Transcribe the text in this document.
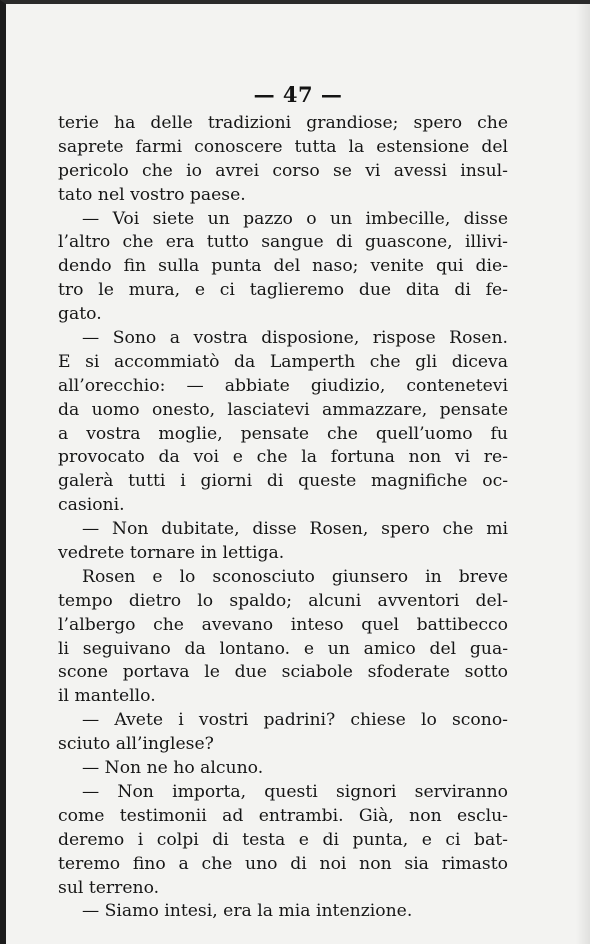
— 47 —
terie ha delle tradizioni grandiose; spero che
saprete farmi conoscere tutta la estensione del
pericolo che io avrei corso se vi avessi insul-
tato nel vostro paese.
— Voi siete un pazzo o un imbecille, disse
l’altro che era tutto sangue di guascone, illivi-
dendo fin sulla punta del naso; venite qui die-
tro le mura, e ci taglieremo due dita di fe-
gato.
— Sono a vostra disposione, rispose Rosen.
E si accommiatò da Lamperth che gli diceva
all’orecchio: — abbiate giudizio, contenetevi
da uomo onesto, lasciatevi ammazzare, pensate
a vostra moglie, pensate che quell’uomo fu
provocato da voi e che la fortuna non vi re-
galerà tutti i giorni di queste magnifiche oc-
casioni.
— Non dubitate, disse Rosen, spero che mi
vedrete tornare in lettiga.
Rosen e lo sconosciuto giunsero in breve
tempo dietro lo spaldo; alcuni avventori del-
l’albergo che avevano inteso quel battibecco
li seguivano da lontano. e un amico del gua-
scone portava le due sciabole sfoderate sotto
il mantello.
— Avete i vostri padrini? chiese lo scono-
sciuto all’inglese?
— Non ne ho alcuno.
— Non importa, questi signori serviranno
come testimonii ad entrambi. Già, non esclu-
deremo i colpi di testa e di punta, e ci bat-
teremo fino a che uno di noi non sia rimasto
sul terreno.
— Siamo intesi, era la mia intenzione.
